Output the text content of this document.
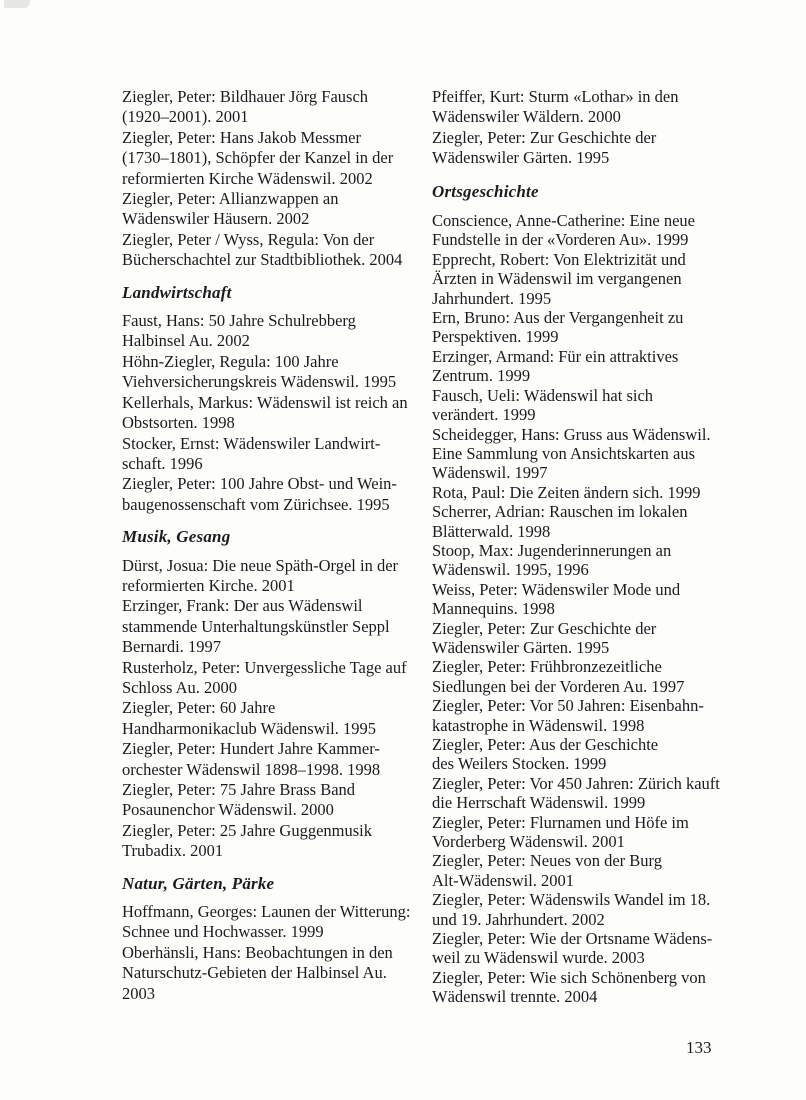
Ziegler, Peter: Bildhauer Jörg Fausch
(1920–2001). 2001
Ziegler, Peter: Hans Jakob Messmer
(1730–1801), Schöpfer der Kanzel in der
reformierten Kirche Wädenswil. 2002
Ziegler, Peter: Allianzwappen an
Wädenswiler Häusern. 2002
Ziegler, Peter / Wyss, Regula: Von der
Bücherschachtel zur Stadtbibliothek. 2004
Landwirtschaft
Faust, Hans: 50 Jahre Schulrebberg
Halbinsel Au. 2002
Höhn-Ziegler, Regula: 100 Jahre
Viehversicherungskreis Wädenswil. 1995
Kellerhals, Markus: Wädenswil ist reich an
Obstsorten. 1998
Stocker, Ernst: Wädenswiler Landwirt-
schaft. 1996
Ziegler, Peter: 100 Jahre Obst- und Wein-
baugenossenschaft vom Zürichsee. 1995
Musik, Gesang
Dürst, Josua: Die neue Späth-Orgel in der
reformierten Kirche. 2001
Erzinger, Frank: Der aus Wädenswil
stammende Unterhaltungskünstler Seppl
Bernardi. 1997
Rusterholz, Peter: Unvergessliche Tage auf
Schloss Au. 2000
Ziegler, Peter: 60 Jahre
Handharmonikaclub Wädenswil. 1995
Ziegler, Peter: Hundert Jahre Kammer-
orchester Wädenswil 1898–1998. 1998
Ziegler, Peter: 75 Jahre Brass Band
Posaunenchor Wädenswil. 2000
Ziegler, Peter: 25 Jahre Guggenmusik
Trubadix. 2001
Natur, Gärten, Pärke
Hoffmann, Georges: Launen der Witterung:
Schnee und Hochwasser. 1999
Oberhänsli, Hans: Beobachtungen in den
Naturschutz-Gebieten der Halbinsel Au.
2003
Pfeiffer, Kurt: Sturm «Lothar» in den
Wädenswiler Wäldern. 2000
Ziegler, Peter: Zur Geschichte der
Wädenswiler Gärten. 1995
Ortsgeschichte
Conscience, Anne-Catherine: Eine neue
Fundstelle in der «Vorderen Au». 1999
Epprecht, Robert: Von Elektrizität und
Ärzten in Wädenswil im vergangenen
Jahrhundert. 1995
Ern, Bruno: Aus der Vergangenheit zu
Perspektiven. 1999
Erzinger, Armand: Für ein attraktives
Zentrum. 1999
Fausch, Ueli: Wädenswil hat sich
verändert. 1999
Scheidegger, Hans: Gruss aus Wädenswil.
Eine Sammlung von Ansichtskarten aus
Wädenswil. 1997
Rota, Paul: Die Zeiten ändern sich. 1999
Scherrer, Adrian: Rauschen im lokalen
Blätterwald. 1998
Stoop, Max: Jugenderinnerungen an
Wädenswil. 1995, 1996
Weiss, Peter: Wädenswiler Mode und
Mannequins. 1998
Ziegler, Peter: Zur Geschichte der
Wädenswiler Gärten. 1995
Ziegler, Peter: Frühbronzezeitliche
Siedlungen bei der Vorderen Au. 1997
Ziegler, Peter: Vor 50 Jahren: Eisenbahn-
katastrophe in Wädenswil. 1998
Ziegler, Peter: Aus der Geschichte
des Weilers Stocken. 1999
Ziegler, Peter: Vor 450 Jahren: Zürich kauft
die Herrschaft Wädenswil. 1999
Ziegler, Peter: Flurnamen und Höfe im
Vorderberg Wädenswil. 2001
Ziegler, Peter: Neues von der Burg
Alt-Wädenswil. 2001
Ziegler, Peter: Wädenswils Wandel im 18.
und 19. Jahrhundert. 2002
Ziegler, Peter: Wie der Ortsname Wädens-
weil zu Wädenswil wurde. 2003
Ziegler, Peter: Wie sich Schönenberg von
Wädenswil trennte. 2004
133
